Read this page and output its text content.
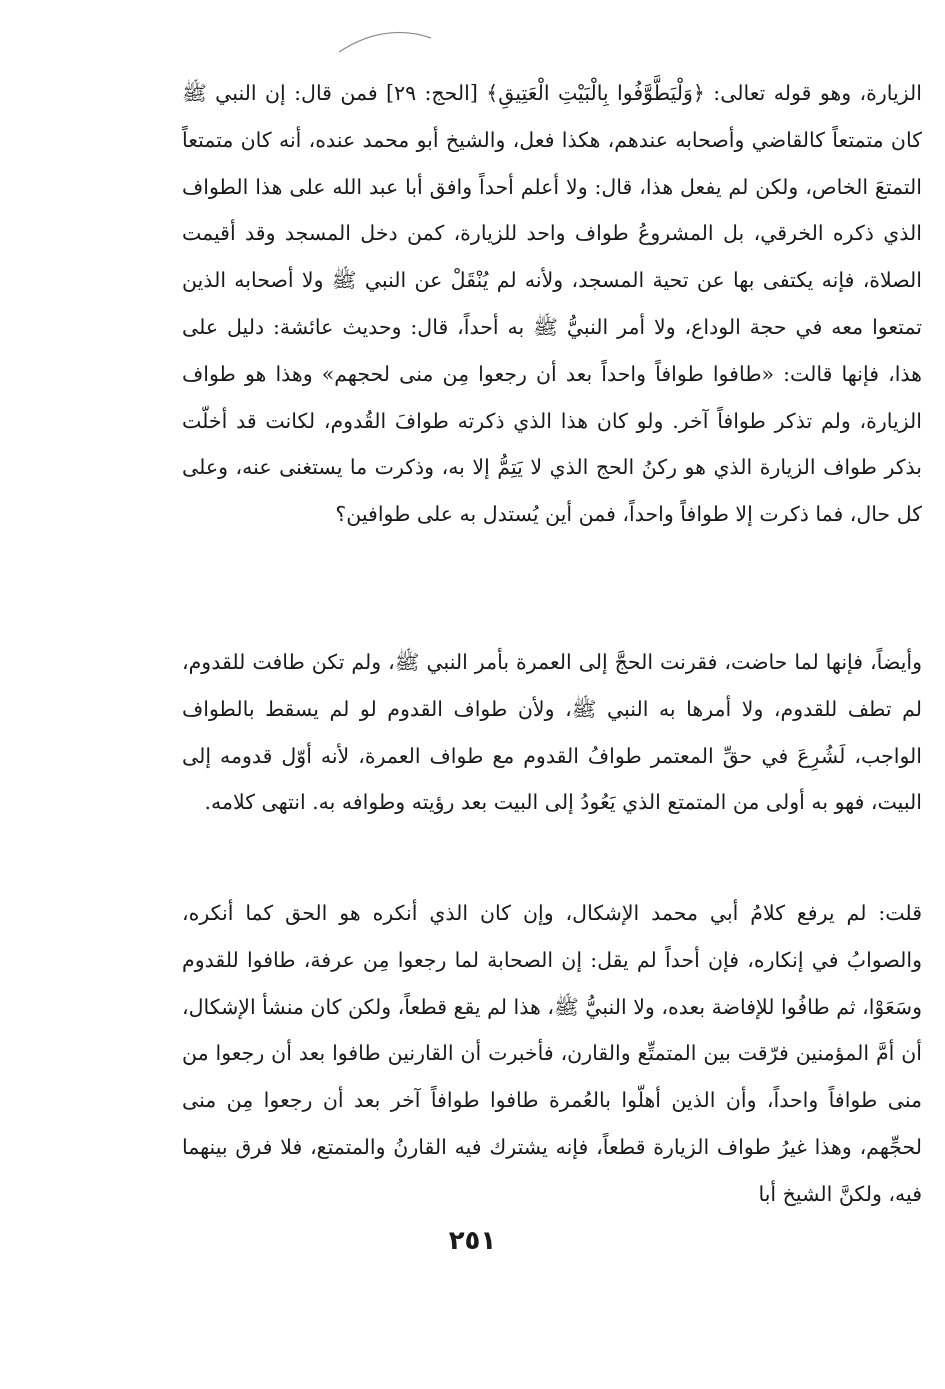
الزيارة، وهو قوله تعالى: ﴿وَلْيَطَّوَّفُوا بِالْبَيْتِ الْعَتِيقِ﴾ [الحج: ٢٩] فمن قال: إن النبي ﷺ كان متمتعاً كالقاضي وأصحابه عندهم، هكذا فعل، والشيخ أبو محمد عنده، أنه كان متمتعاً التمتعَ الخاص، ولكن لم يفعل هذا، قال: ولا أعلم أحداً وافق أبا عبد الله على هذا الطواف الذي ذكره الخرقي، بل المشروعُ طواف واحد للزيارة، كمن دخل المسجد وقد أقيمت الصلاة، فإنه يكتفى بها عن تحية المسجد، ولأنه لم يُنْقَلْ عن النبي ﷺ ولا أصحابه الذين تمتعوا معه في حجة الوداع، ولا أمر النبيُّ ﷺ به أحداً، قال: وحديث عائشة: دليل على هذا، فإنها قالت: «طافوا طوافاً واحداً بعد أن رجعوا مِن منى لحجهم» وهذا هو طواف الزيارة، ولم تذكر طوافاً آخر. ولو كان هذا الذي ذكرته طوافَ القُدوم، لكانت قد أخلّت بذكر طواف الزيارة الذي هو ركنُ الحج الذي لا يَتِمُّ إلا به، وذكرت ما يستغنى عنه، وعلى كل حال، فما ذكرت إلا طوافاً واحداً، فمن أين يُستدل به على طوافين؟

وأيضاً، فإنها لما حاضت، فقرنت الحجَّ إلى العمرة بأمر النبي ﷺ، ولم تكن طافت للقدوم، لم تطف للقدوم، ولا أمرها به النبي ﷺ، ولأن طواف القدوم لو لم يسقط بالطواف الواجب، لَشُرِعَ في حقِّ المعتمر طوافُ القدوم مع طواف العمرة، لأنه أوّل قدومه إلى البيت، فهو به أولى من المتمتع الذي يَعُودُ إلى البيت بعد رؤيته وطوافه به. انتهى كلامه.

قلت: لم يرفع كلامُ أبي محمد الإشكال، وإن كان الذي أنكره هو الحق كما أنكره، والصوابُ في إنكاره، فإن أحداً لم يقل: إن الصحابة لما رجعوا مِن عرفة، طافوا للقدوم وسَعَوْا، ثم طافُوا للإفاضة بعده، ولا النبيُّ ﷺ، هذا لم يقع قطعاً، ولكن كان منشأ الإشكال، أن أمَّ المؤمنين فرّقت بين المتمتِّع والقارن، فأخبرت أن القارنين طافوا بعد أن رجعوا من منى طوافاً واحداً، وأن الذين أهلّوا بالعُمرة طافوا طوافاً آخر بعد أن رجعوا مِن منى لحجِّهم، وهذا غيرُ طواف الزيارة قطعاً، فإنه يشترك فيه القارنُ والمتمتع، فلا فرق بينهما فيه، ولكنَّ الشيخ أبا

٢٥١
